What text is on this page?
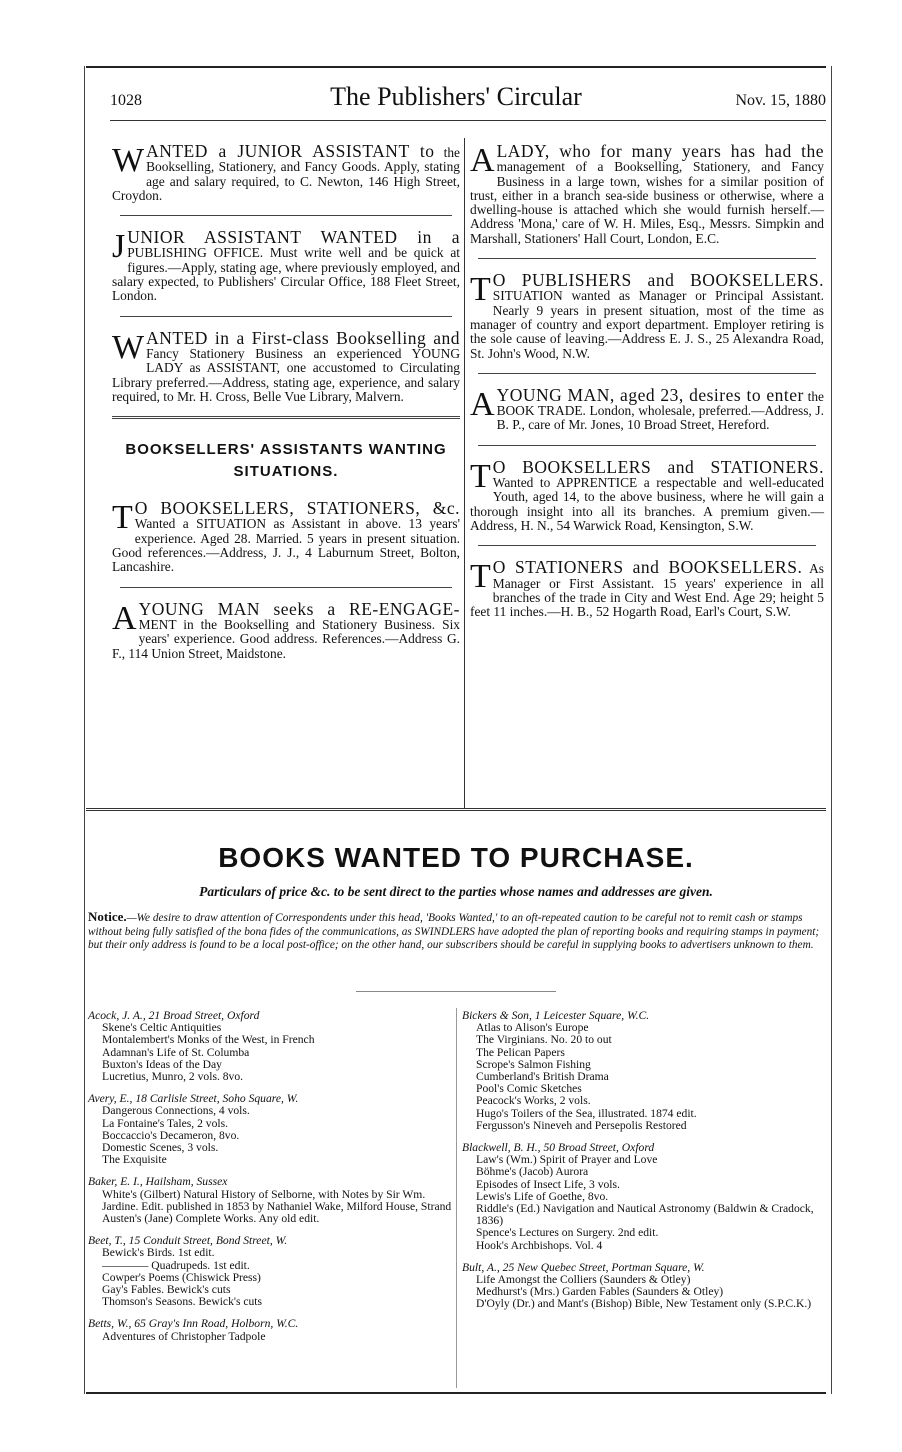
1028	The Publishers' Circular	Nov. 15, 1880
WANTED a JUNIOR ASSISTANT to the Bookselling, Stationery, and Fancy Goods. Apply, stating age and salary required, to C. Newton, 146 High Street, Croydon.
JUNIOR ASSISTANT WANTED in a PUBLISHING OFFICE. Must write well and be quick at figures.—Apply, stating age, where previously employed, and salary expected, to Publishers' Circular Office, 188 Fleet Street, London.
WANTED in a First-class Bookselling and Fancy Stationery Business an experienced YOUNG LADY as ASSISTANT, one accustomed to Circulating Library preferred.—Address, stating age, experience, and salary required, to Mr. H. Cross, Belle Vue Library, Malvern.
BOOKSELLERS' ASSISTANTS WANTING
SITUATIONS.
T O BOOKSELLERS, STATIONERS, &c. Wanted a SITUATION as Assistant in above. 13 years' experience. Aged 28. Married. 5 years in present situation. Good references.—Address, J. J., 4 Laburnum Street, Bolton, Lancashire.
A YOUNG MAN seeks a RE-ENGAGE- MENT in the Bookselling and Stationery Business. Six years' experience. Good address. References.—Address G. F., 114 Union Street, Maidstone.
A LADY, who for many years has had the management of a Bookselling, Stationery, and Fancy Business in a large town, wishes for a similar position of trust, either in a branch sea-side business or otherwise, where a dwelling-house is attached which she would furnish herself.—Address 'Mona,' care of W. H. Miles, Esq., Messrs. Simpkin and Marshall, Stationers' Hall Court, London, E.C.
T O PUBLISHERS and BOOKSELLERS. SITUATION wanted as Manager or Principal Assistant. Nearly 9 years in present situation, most of the time as manager of country and export department. Employer retiring is the sole cause of leaving.—Address E. J. S., 25 Alexandra Road, St. John's Wood, N.W.
A YOUNG MAN, aged 23, desires to enter the BOOK TRADE. London, wholesale, preferred.—Address, J. B. P., care of Mr. Jones, 10 Broad Street, Hereford.
T O BOOKSELLERS and STATIONERS. Wanted to APPRENTICE a respectable and well-educated Youth, aged 14, to the above business, where he will gain a thorough insight into all its branches. A premium given.—Address, H. N., 54 Warwick Road, Kensington, S.W.
T O STATIONERS and BOOKSELLERS. As Manager or First Assistant. 15 years' experience in all branches of the trade in City and West End. Age 29; height 5 feet 11 inches.—H. B., 52 Hogarth Road, Earl's Court, S.W.
BOOKS WANTED TO PURCHASE.
Particulars of price &c. to be sent direct to the parties whose names and addresses are given.
Notice.—We desire to draw attention of Correspondents under this head, 'Books Wanted,' to an oft-repeated caution to be careful not to remit cash or stamps without being fully satisfied of the bona fides of the communications, as SWINDLERS have adopted the plan of reporting books and requiring stamps in payment; but their only address is found to be a local post-office; on the other hand, our subscribers should be careful in supplying books to advertisers unknown to them.
Acock, J. A., 21 Broad Street, Oxford
Skene's Celtic Antiquities
Montalembert's Monks of the West, in French
Adamnan's Life of St. Columba
Buxton's Ideas of the Day
Lucretius, Munro, 2 vols. 8vo.
Avery, E., 18 Carlisle Street, Soho Square, W.
Dangerous Connections, 4 vols.
La Fontaine's Tales, 2 vols.
Boccaccio's Decameron, 8vo.
Domestic Scenes, 3 vols.
The Exquisite
Baker, E. I., Hailsham, Sussex
White's (Gilbert) Natural History of Selborne, with Notes by Sir Wm. Jardine. Edit. published in 1853 by Nathaniel Wake, Milford House, Strand
Austen's (Jane) Complete Works. Any old edit.
Beet, T., 15 Conduit Street, Bond Street, W.
Bewick's Birds. 1st edit.
———— Quadrupeds. 1st edit.
Cowper's Poems (Chiswick Press)
Gay's Fables. Bewick's cuts
Thomson's Seasons. Bewick's cuts
Betts, W., 65 Gray's Inn Road, Holborn, W.C.
Adventures of Christopher Tadpole
Bickers & Son, 1 Leicester Square, W.C.
Atlas to Alison's Europe
The Virginians. No. 20 to out
The Pelican Papers
Scrope's Salmon Fishing
Cumberland's British Drama
Pool's Comic Sketches
Peacock's Works, 2 vols.
Hugo's Toilers of the Sea, illustrated. 1874 edit.
Fergusson's Nineveh and Persepolis Restored
Blackwell, B. H., 50 Broad Street, Oxford
Law's (Wm.) Spirit of Prayer and Love
Böhme's (Jacob) Aurora
Episodes of Insect Life, 3 vols.
Lewis's Life of Goethe, 8vo.
Riddle's (Ed.) Navigation and Nautical Astronomy (Baldwin & Cradock, 1836)
Spence's Lectures on Surgery. 2nd edit.
Hook's Archbishops. Vol. 4
Bult, A., 25 New Quebec Street, Portman Square, W.
Life Amongst the Colliers (Saunders & Otley)
Medhurst's (Mrs.) Garden Fables (Saunders & Otley)
D'Oyly (Dr.) and Mant's (Bishop) Bible, New Testament only (S.P.C.K.)
